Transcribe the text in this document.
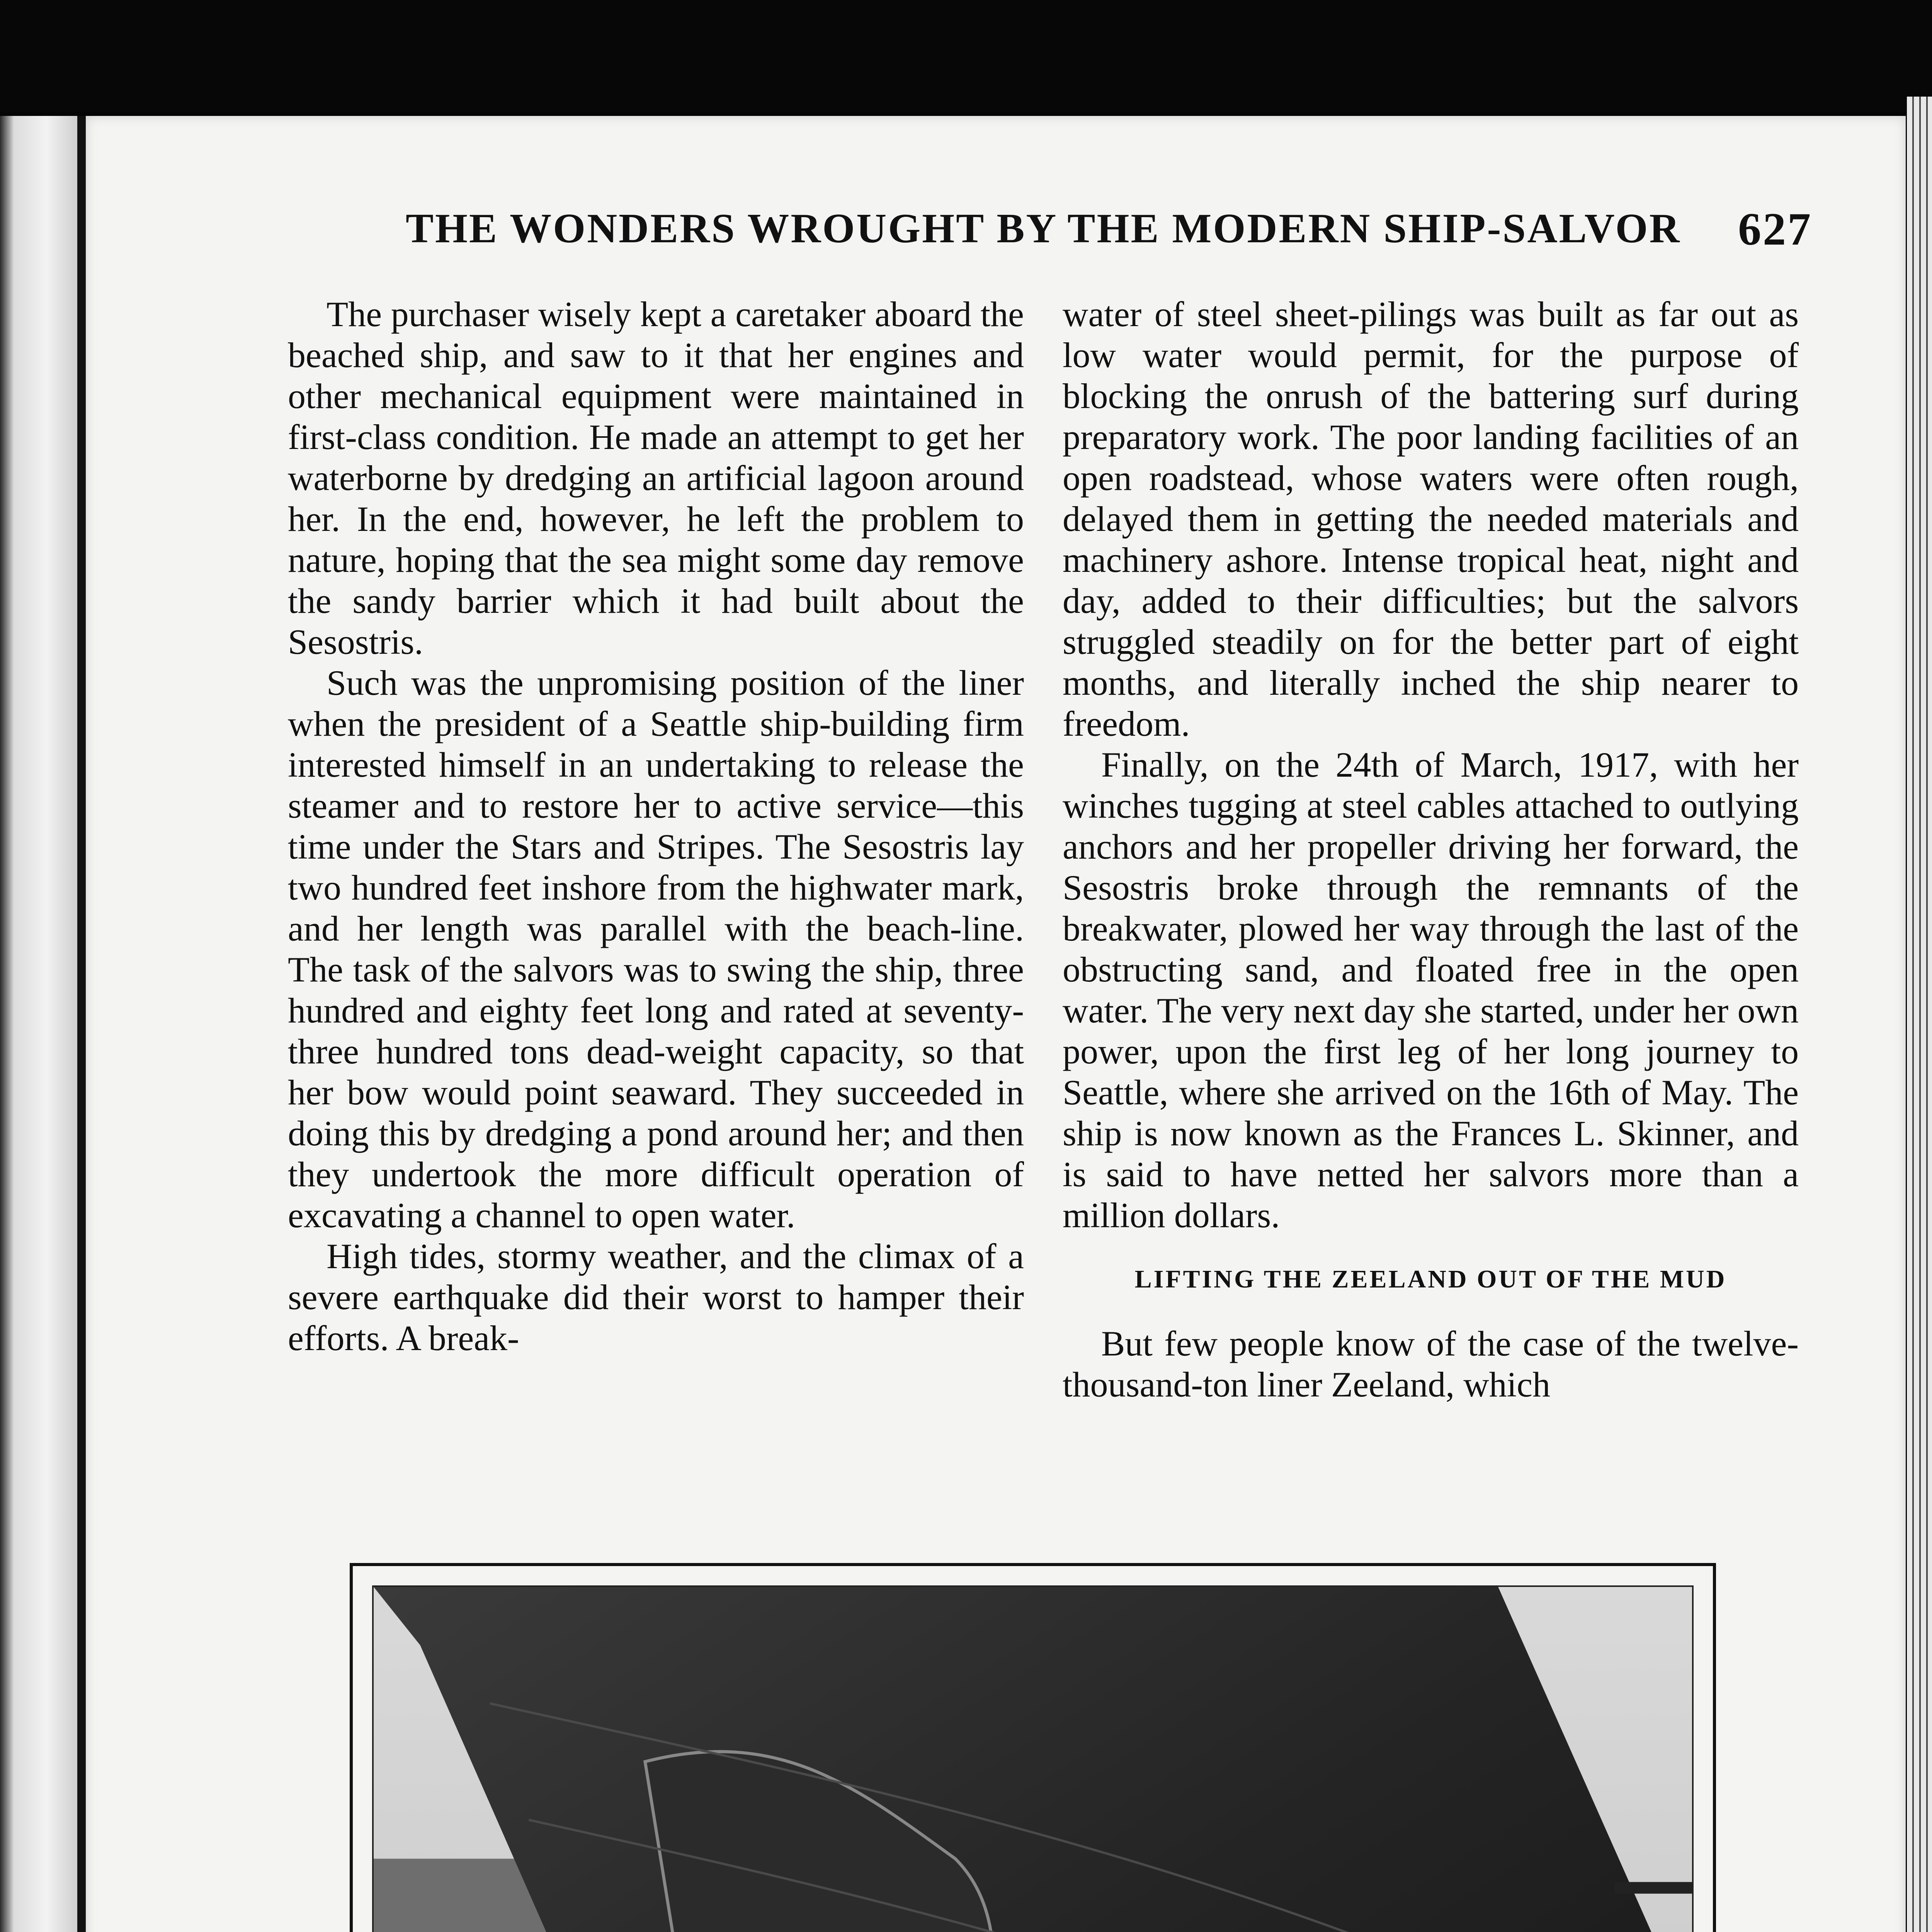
THE WONDERS WROUGHT BY THE MODERN SHIP-SALVOR 627

The purchaser wisely kept a caretaker aboard the beached ship, and saw to it that her engines and other mechanical equipment were maintained in first-class condition. He made an attempt to get her waterborne by dredging an artificial lagoon around her. In the end, however, he left the problem to nature, hoping that the sea might some day remove the sandy barrier which it had built about the Sesostris.

Such was the unpromising position of the liner when the president of a Seattle ship-building firm interested himself in an undertaking to release the steamer and to restore her to active service—this time under the Stars and Stripes. The Sesostris lay two hundred feet inshore from the highwater mark, and her length was parallel with the beach-line. The task of the salvors was to swing the ship, three hundred and eighty feet long and rated at seventy-three hundred tons dead-weight capacity, so that her bow would point seaward. They succeeded in doing this by dredging a pond around her; and then they undertook the more difficult operation of excavating a channel to open water.

High tides, stormy weather, and the climax of a severe earthquake did their worst to hamper their efforts. A break-

water of steel sheet-pilings was built as far out as low water would permit, for the purpose of blocking the onrush of the battering surf during preparatory work. The poor landing facilities of an open roadstead, whose waters were often rough, delayed them in getting the needed materials and machinery ashore. Intense tropical heat, night and day, added to their difficulties; but the salvors struggled steadily on for the better part of eight months, and literally inched the ship nearer to freedom.

Finally, on the 24th of March, 1917, with her winches tugging at steel cables attached to outlying anchors and her propeller driving her forward, the Sesostris broke through the remnants of the breakwater, plowed her way through the last of the obstructing sand, and floated free in the open water. The very next day she started, under her own power, upon the first leg of her long journey to Seattle, where she arrived on the 16th of May. The ship is now known as the Frances L. Skinner, and is said to have netted her salvors more than a million dollars.

LIFTING THE ZEELAND OUT OF THE MUD

But few people know of the case of the twelve-thousand-ton liner Zeeland, which
